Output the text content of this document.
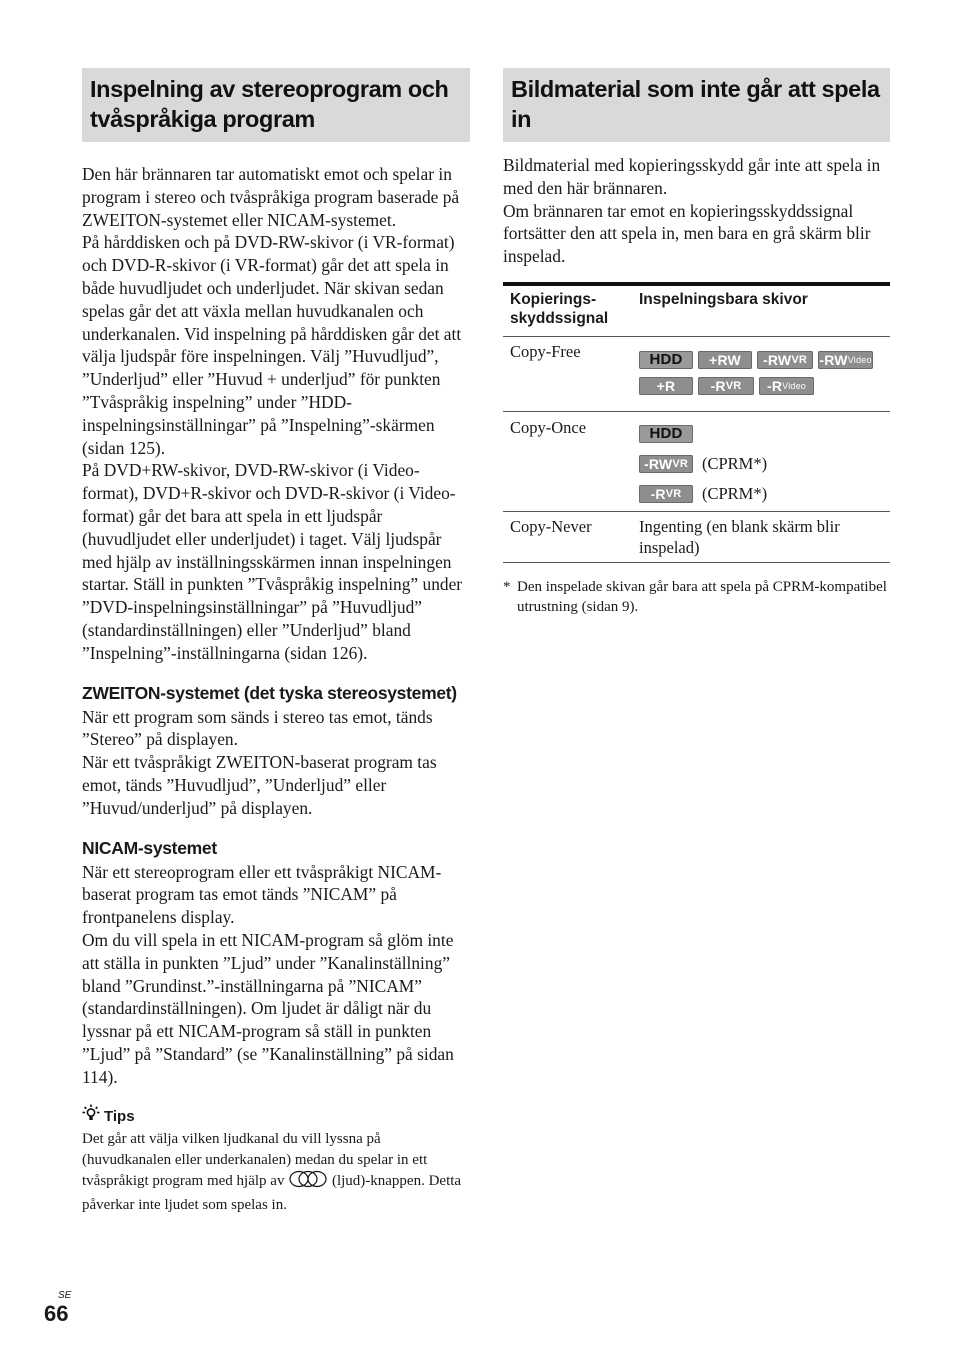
Inspelning av stereoprogram och tvåspråkiga program

Den här brännaren tar automatiskt emot och spelar in program i stereo och tvåspråkiga program baserade på ZWEITON-systemet eller NICAM-systemet.

På hårddisken och på DVD-RW-skivor (i VR-format) och DVD-R-skivor (i VR-format) går det att spela in både huvudljudet och underljudet. När skivan sedan spelas går det att växla mellan huvudkanalen och underkanalen. Vid inspelning på hårddisken går det att välja ljudspår före inspelningen. Välj ”Huvudljud”, ”Underljud” eller ”Huvud + underljud” för punkten ”Tvåspråkig inspelning” under ”HDD-inspelningsinställningar” på ”Inspelning”-skärmen (sidan 125).

På DVD+RW-skivor, DVD-RW-skivor (i Video-format), DVD+R-skivor och DVD-R-skivor (i Video-format) går det bara att spela in ett ljudspår (huvudljudet eller underljudet) i taget. Välj ljudspår med hjälp av inställningsskärmen innan inspelningen startar. Ställ in punkten ”Tvåspråkig inspelning” under ”DVD-inspelningsinställningar” på ”Huvudljud” (standardinställningen) eller ”Underljud” bland ”Inspelning”-inställningarna (sidan 126).

ZWEITON-systemet (det tyska stereosystemet)

När ett program som sänds i stereo tas emot, tänds ”Stereo” på displayen.

När ett tvåspråkigt ZWEITON-baserat program tas emot, tänds ”Huvudljud”, ”Underljud” eller ”Huvud/underljud” på displayen.

NICAM-systemet

När ett stereoprogram eller ett tvåspråkigt NICAM-baserat program tas emot tänds ”NICAM” på frontpanelens display.

Om du vill spela in ett NICAM-program så glöm inte att ställa in punkten ”Ljud” under ”Kanalinställning” bland ”Grundinst.”-inställningarna på ”NICAM” (standardinställningen). Om ljudet är dåligt när du lyssnar på ett NICAM-program så ställ in punkten ”Ljud” på ”Standard” (se ”Kanalinställning” på sidan 114).

Tips

Det går att välja vilken ljudkanal du vill lyssna på (huvudkanalen eller underkanalen) medan du spelar in ett tvåspråkigt program med hjälp av	(ljud)-knappen. Detta påverkar inte ljudet som spelas in.

Bildmaterial som inte går att spela in

Bildmaterial med kopieringsskydd går inte att spela in med den här brännaren.

Om brännaren tar emot en kopieringsskyddssignal fortsätter den att spela in, men bara en grå skärm blir inspelad.

Kopierings-skyddssignal
Inspelningsbara skivor
Copy-Free	HDD	+RW	-RW VR -RW Video
+R	-R VR -R Video
Copy-Once	HDD
-RW VR (CPRM*)
-R VR (CPRM*)
Copy-Never	Ingenting (en blank skärm blir inspelad)
* Den inspelade skivan går bara att spela på CPRM-kompatibel utrustning (sidan 9).
SE
66
